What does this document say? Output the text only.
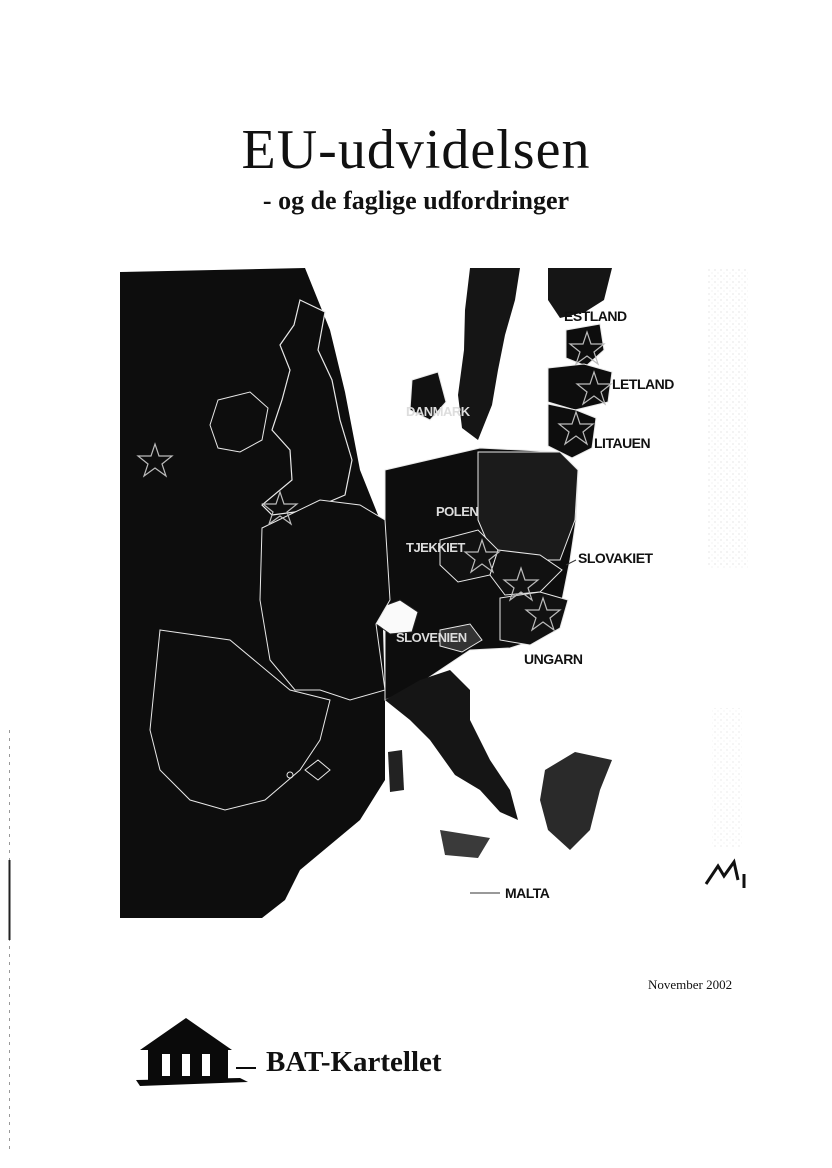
EU-udvidelsen
- og de faglige udfordringer
ESTLAND
LETLAND
LITAUEN
DANMARK
POLEN
TJEKKIET
SLOVAKIET
SLOVENIEN
UNGARN
MALTA

November 2002

BAT-Kartellet
